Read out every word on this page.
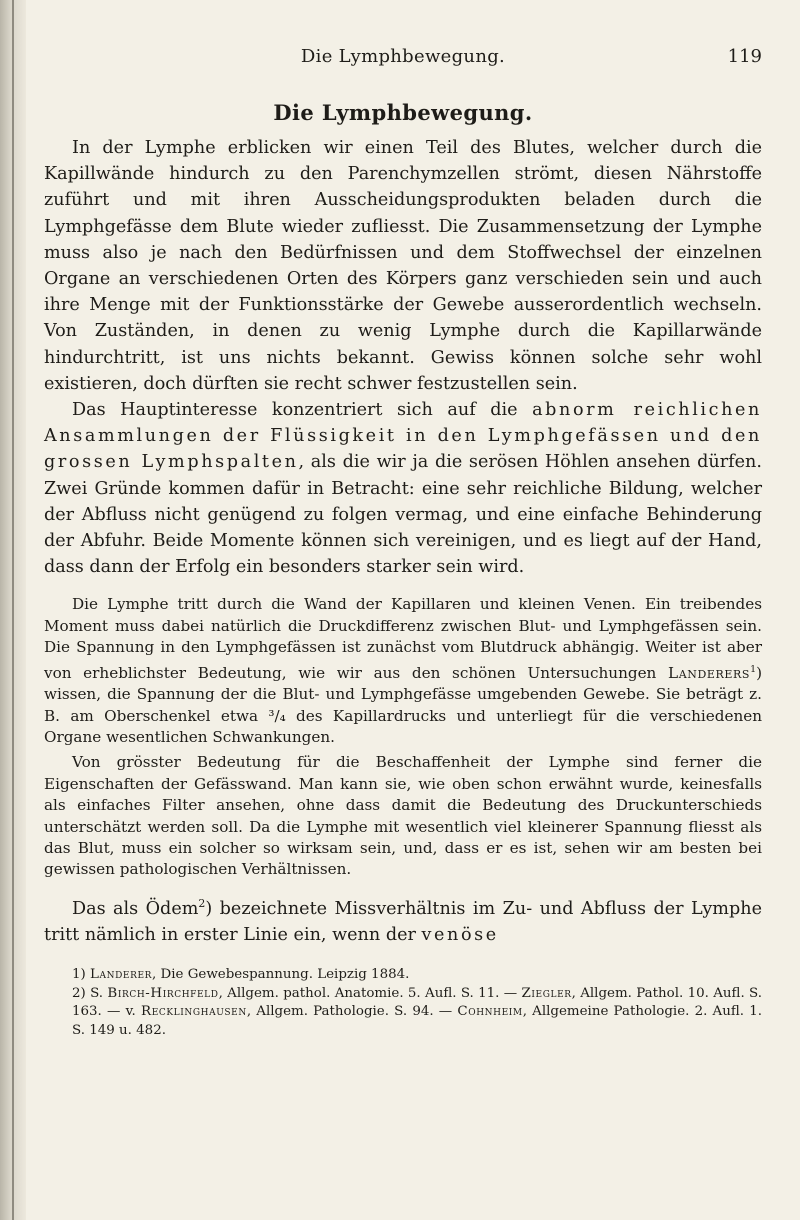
Die Lymphbewegung.	119
Die Lymphbewegung.

In der Lymphe erblicken wir einen Teil des Blutes, welcher durch die Kapillwände hindurch zu den Parenchymzellen strömt, diesen Nährstoffe zuführt und mit ihren Ausscheidungsprodukten beladen durch die Lymphgefässe dem Blute wieder zufliesst. Die Zusammensetzung der Lymphe muss also je nach den Bedürfnissen und dem Stoffwechsel der einzelnen Organe an verschiedenen Orten des Körpers ganz verschieden sein und auch ihre Menge mit der Funktionsstärke der Gewebe ausserordentlich wechseln. Von Zuständen, in denen zu wenig Lymphe durch die Kapillarwände hindurchtritt, ist uns nichts bekannt. Gewiss können solche sehr wohl existieren, doch dürften sie recht schwer festzustellen sein.

Das Hauptinteresse konzentriert sich auf die abnorm reichlichen Ansammlungen der Flüssigkeit in den Lymphgefässen und den grossen Lymphspalten, als die wir ja die serösen Höhlen ansehen dürfen. Zwei Gründe kommen dafür in Betracht: eine sehr reichliche Bildung, welcher der Abfluss nicht genügend zu folgen vermag, und eine einfache Behinderung der Abfuhr. Beide Momente können sich vereinigen, und es liegt auf der Hand, dass dann der Erfolg ein besonders starker sein wird.

Die Lymphe tritt durch die Wand der Kapillaren und kleinen Venen. Ein treibendes Moment muss dabei natürlich die Druckdifferenz zwischen Blut- und Lymphgefässen sein. Die Spannung in den Lymphgefässen ist zunächst vom Blutdruck abhängig. Weiter ist aber von erheblichster Bedeutung, wie wir aus den schönen Untersuchungen Landerers$^1$) wissen, die Spannung der die Blut- und Lymphgefässe umgebenden Gewebe. Sie beträgt z. B. am Oberschenkel etwa ³/₄ des Kapillardrucks und unterliegt für die verschiedenen Organe wesentlichen Schwankungen.

Von grösster Bedeutung für die Beschaffenheit der Lymphe sind ferner die Eigenschaften der Gefässwand. Man kann sie, wie oben schon erwähnt wurde, keinesfalls als einfaches Filter ansehen, ohne dass damit die Bedeutung des Druckunterschieds unterschätzt werden soll. Da die Lymphe mit wesentlich viel kleinerer Spannung fliesst als das Blut, muss ein solcher so wirksam sein, und, dass er es ist, sehen wir am besten bei gewissen pathologischen Verhältnissen.

Das als Ödem$^2$) bezeichnete Missverhältnis im Zu- und Abfluss der Lymphe tritt nämlich in erster Linie ein, wenn der venöse

1) Landerer, Die Gewebespannung. Leipzig 1884.

2) S. Birch-Hirchfeld, Allgem. pathol. Anatomie. 5. Aufl. S. 11. — Ziegler, Allgem. Pathol. 10. Aufl. S. 163. — v. Recklinghausen, Allgem. Pathologie. S. 94. — Cohnheim, Allgemeine Pathologie. 2. Aufl. 1. S. 149 u. 482.
